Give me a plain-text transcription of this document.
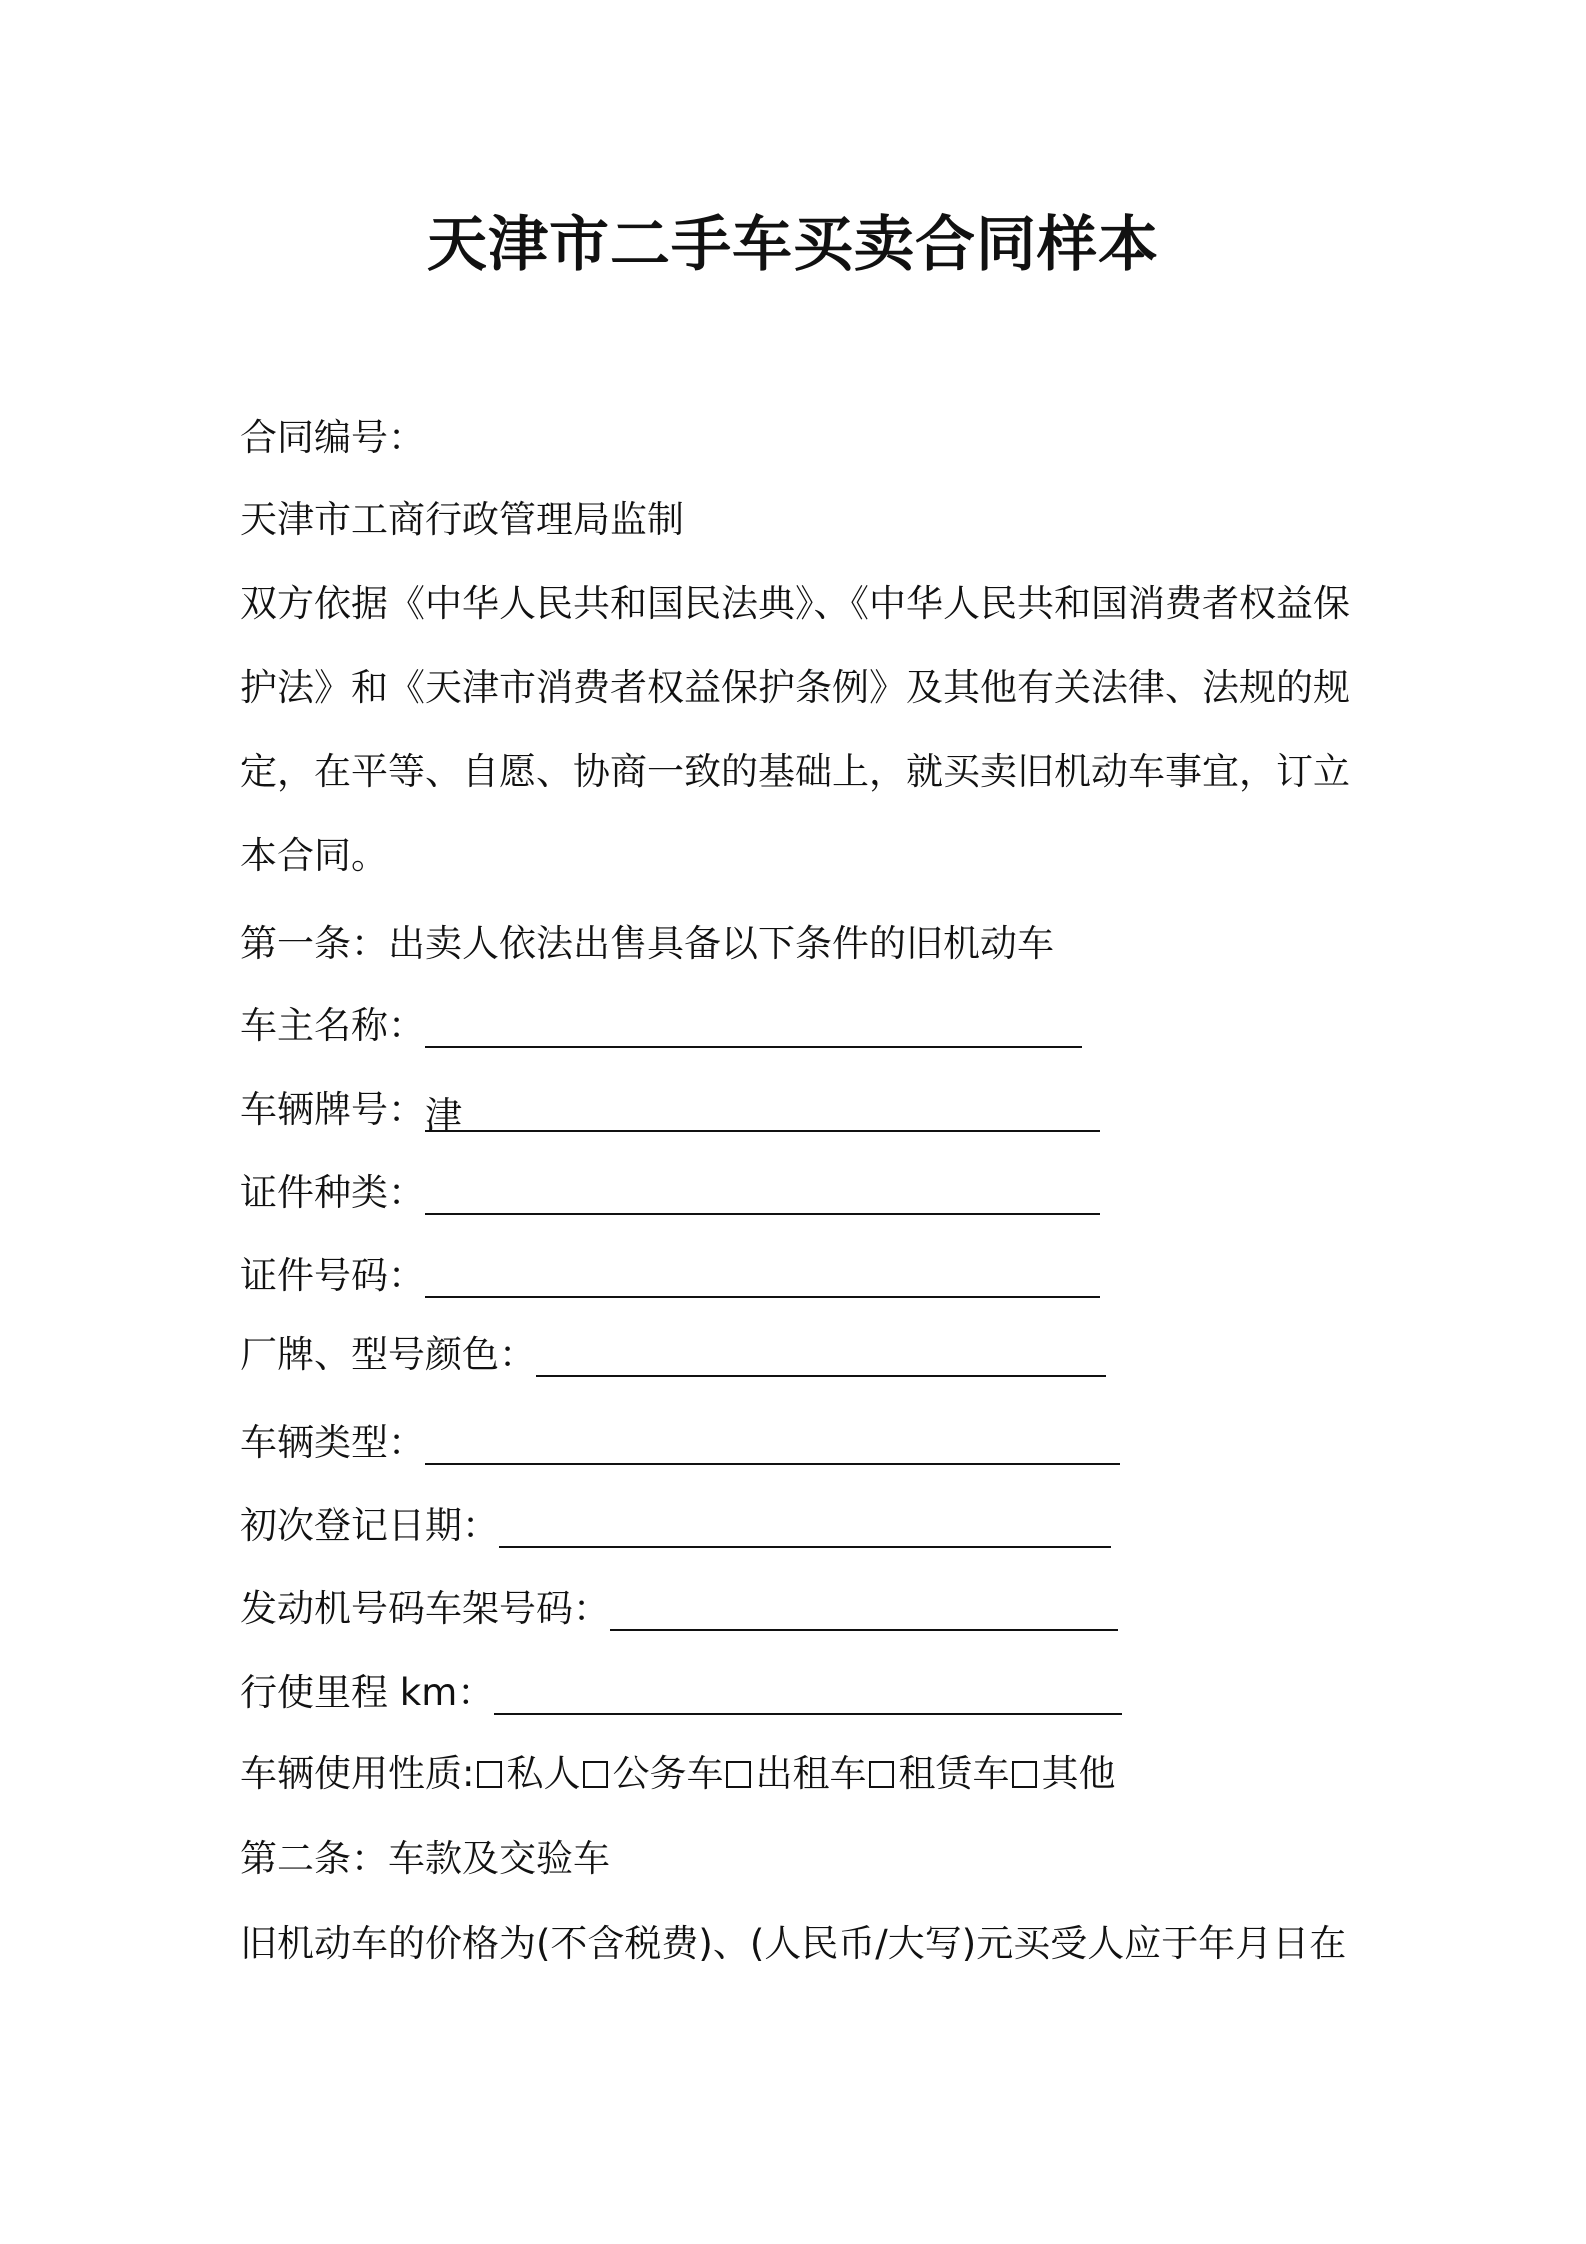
天津市二手车买卖合同样本

合同编号：

天津市工商行政管理局监制

双方依据《中华人民共和国民法典》、《中华人民共和国消费者权益保
护法》和《天津市消费者权益保护条例》及其他有关法律、法规的规
定，在平等、自愿、协商一致的基础上，就买卖旧机动车事宜，订立
本合同。

第一条：出卖人依法出售具备以下条件的旧机动车

车主名称：
车辆牌号： 津
证件种类：
证件号码：
厂牌、型号颜色：
车辆类型：
初次登记日期：
发动机号码车架号码：
行使里程 km：
车辆使用性质: 私人 公务车 出租车 租赁车 其他

第二条：车款及交验车

旧机动车的价格为(不含税费)、(人民币/大写)元买受人应于年月日在
